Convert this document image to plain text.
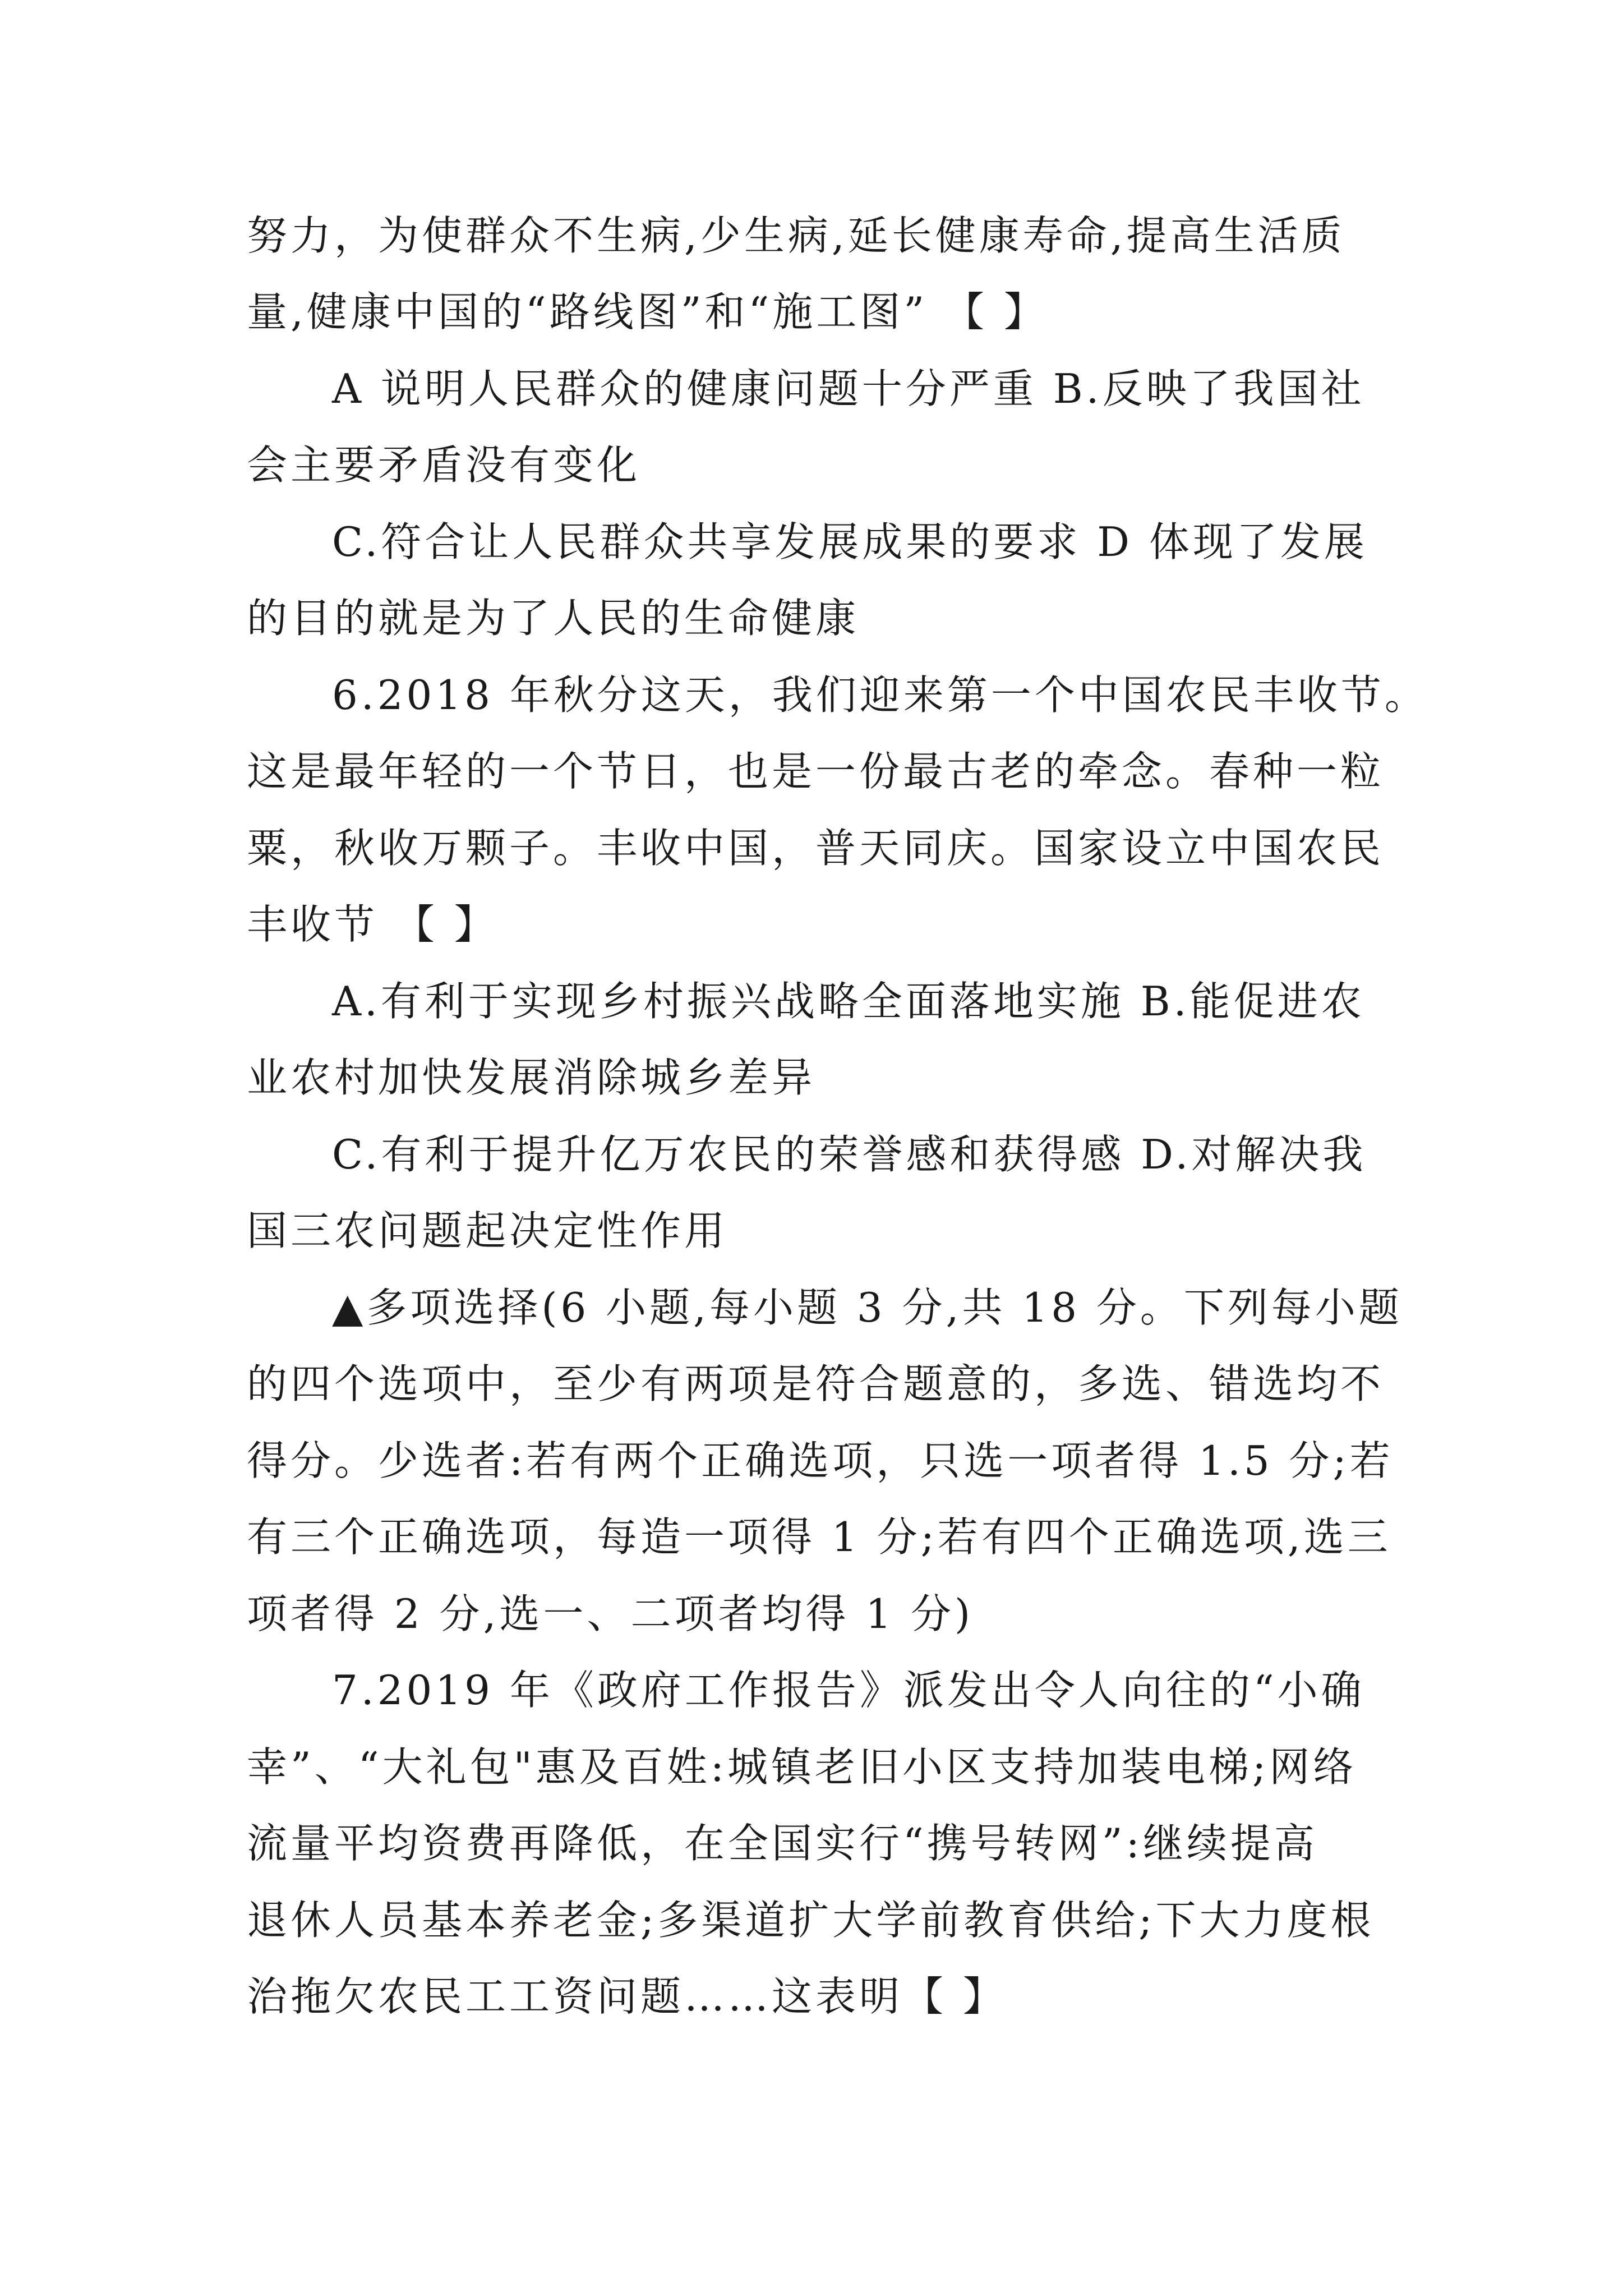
努力，为使群众不生病,少生病,延长健康寿命,提高生活质
量,健康中国的“路线图”和“施工图” 【 】
A 说明人民群众的健康问题十分严重 B.反映了我国社
会主要矛盾没有变化
C.符合让人民群众共享发展成果的要求 D 体现了发展
的目的就是为了人民的生命健康
6.2018 年秋分这天，我们迎来第一个中国农民丰收节。
这是最年轻的一个节日，也是一份最古老的牵念。春种一粒
粟，秋收万颗子。丰收中国，普天同庆。国家设立中国农民
丰收节 【 】
A.有利于实现乡村振兴战略全面落地实施 B.能促进农
业农村加快发展消除城乡差异
C.有利于提升亿万农民的荣誉感和获得感 D.对解决我
国三农问题起决定性作用
▲多项选择(6 小题,每小题 3 分,共 18 分。下列每小题
的四个选项中，至少有两项是符合题意的，多选、错选均不
得分。少选者:若有两个正确选项，只选一项者得 1.5 分;若
有三个正确选项，每造一项得 1 分;若有四个正确选项,选三
项者得 2 分,选一、二项者均得 1 分)
7.2019 年《政府工作报告》派发出令人向往的“小确
幸”、“大礼包"惠及百姓:城镇老旧小区支持加装电梯;网络
流量平均资费再降低，在全国实行“携号转网”:继续提高
退休人员基本养老金;多渠道扩大学前教育供给;下大力度根
治拖欠农民工工资问题……这表明【 】
